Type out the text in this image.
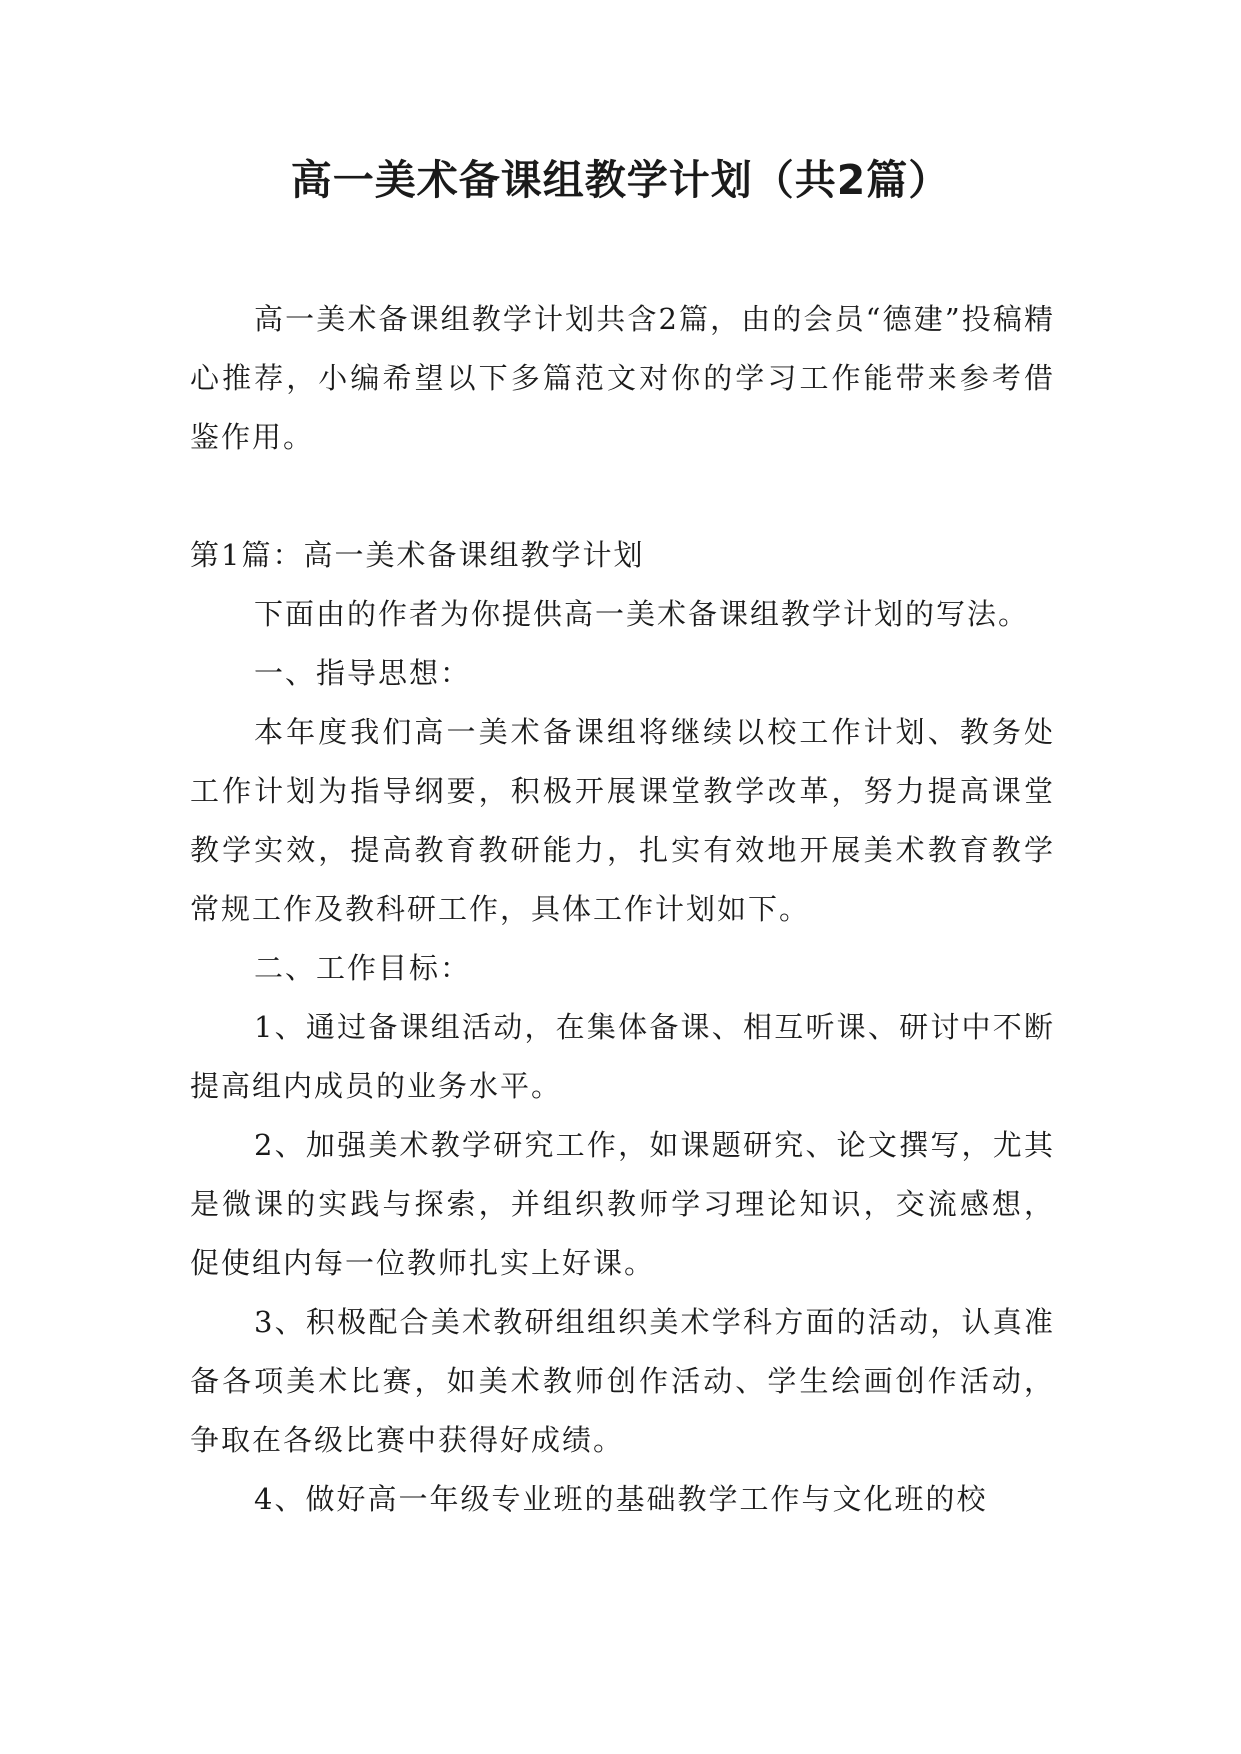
高一美术备课组教学计划（共2篇）

高一美术备课组教学计划共含2篇，由的会员“德建”投稿精心推荐，小编希望以下多篇范文对你的学习工作能带来参考借鉴作用。

第1篇：高一美术备课组教学计划

下面由的作者为你提供高一美术备课组教学计划的写法。

一、指导思想：

本年度我们高一美术备课组将继续以校工作计划、教务处工作计划为指导纲要，积极开展课堂教学改革，努力提高课堂教学实效，提高教育教研能力，扎实有效地开展美术教育教学常规工作及教科研工作，具体工作计划如下。

二、工作目标：

1、通过备课组活动，在集体备课、相互听课、研讨中不断提高组内成员的业务水平。

2、加强美术教学研究工作，如课题研究、论文撰写，尤其是微课的实践与探索，并组织教师学习理论知识，交流感想，促使组内每一位教师扎实上好课。

3、积极配合美术教研组组织美术学科方面的活动，认真准备各项美术比赛，如美术教师创作活动、学生绘画创作活动，争取在各级比赛中获得好成绩。

4、做好高一年级专业班的基础教学工作与文化班的校
